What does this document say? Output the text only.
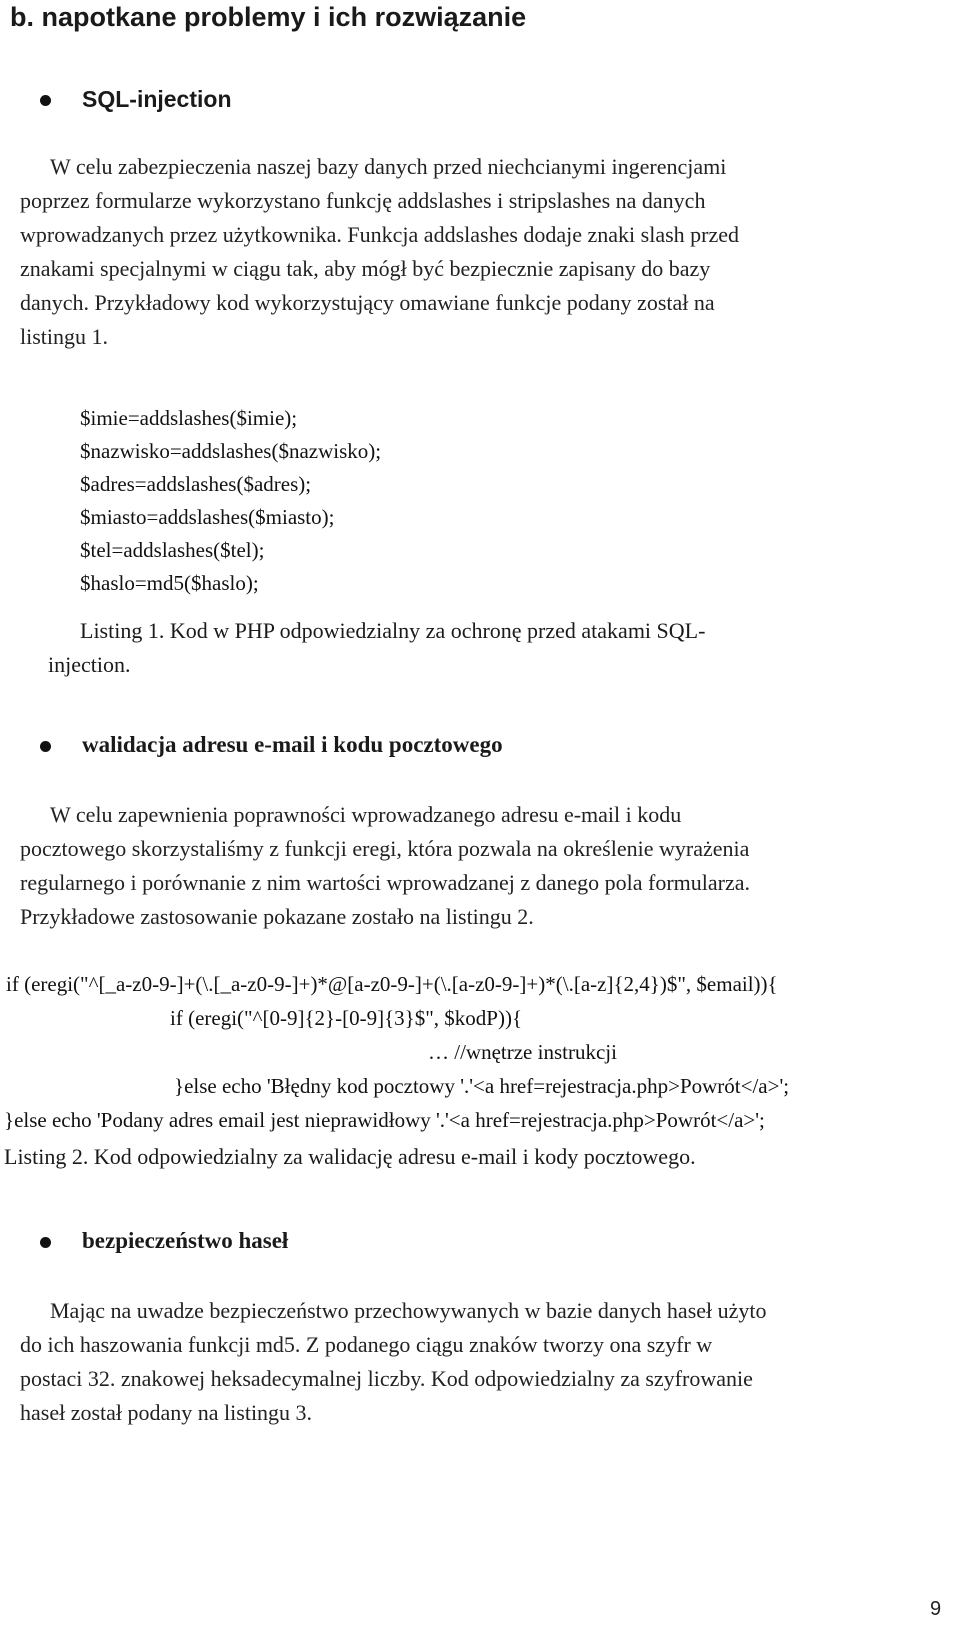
b. napotkane problemy i ich rozwiązanie
SQL-injection
W celu zabezpieczenia naszej bazy danych przed niechcianymi ingerencjami
poprzez formularze wykorzystano funkcję addslashes i stripslashes na danych
wprowadzanych przez użytkownika. Funkcja addslashes dodaje znaki slash przed
znakami specjalnymi w ciągu tak, aby mógł być bezpiecznie zapisany do bazy
danych. Przykładowy kod wykorzystujący omawiane funkcje podany został na
listingu 1.
$imie=addslashes($imie);
$nazwisko=addslashes($nazwisko);
$adres=addslashes($adres);
$miasto=addslashes($miasto);
$tel=addslashes($tel);
$haslo=md5($haslo);
Listing 1. Kod w PHP odpowiedzialny za ochronę przed atakami SQL-
injection.
walidacja adresu e-mail i kodu pocztowego
W celu zapewnienia poprawności wprowadzanego adresu e-mail i kodu
pocztowego skorzystaliśmy z funkcji eregi, która pozwala na określenie wyrażenia
regularnego i porównanie z nim wartości wprowadzanej z danego pola formularza.
Przykładowe zastosowanie pokazane zostało na listingu 2.
if (eregi("^[_a-z0-9-]+(\.[_a-z0-9-]+)*@[a-z0-9-]+(\.[a-z0-9-]+)*(\.[a-z]{2,4})$", $email)){
if (eregi("^[0-9]{2}-[0-9]{3}$", $kodP)){
… //wnętrze instrukcji
}else echo 'Błędny kod pocztowy '.'<a href=rejestracja.php>Powrót</a>';
}else echo 'Podany adres email jest nieprawidłowy '.'<a href=rejestracja.php>Powrót</a>';
Listing 2. Kod odpowiedzialny za walidację adresu e-mail i kody pocztowego.
bezpieczeństwo haseł
Mając na uwadze bezpieczeństwo przechowywanych w bazie danych haseł użyto
do ich haszowania funkcji md5. Z podanego ciągu znaków tworzy ona szyfr w
postaci 32. znakowej heksadecymalnej liczby. Kod odpowiedzialny za szyfrowanie
haseł został podany na listingu 3.
9
